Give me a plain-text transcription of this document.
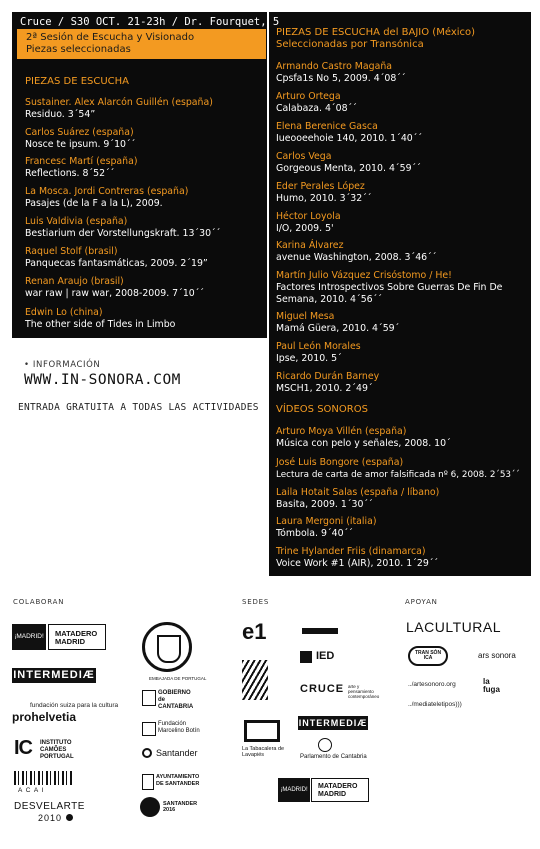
Cruce / S30 OCT. 21-23h / Dr. Fourquet, 5
2ª Sesión de Escucha y Visionado
Piezas seleccionadas
PIEZAS DE ESCUCHA
Sustainer. Alex Alarcón Guillén (españa)
Residuo. 3´54”
Carlos Suárez (españa)
Nosce te ipsum. 9´10´´
Francesc Martí (españa)
Reflections. 8´52´´
La Mosca. Jordi Contreras (españa)
Pasajes (de la F a la L), 2009.
Luis Valdivia (españa)
Bestiarium der Vorstellungskraft. 13´30´´
Raquel Stolf (brasil)
Panquecas fantasmáticas, 2009. 2´19”
Renan Araujo (brasil)
war raw | raw war, 2008-2009. 7´10´´
Edwin Lo (china)
The other side of Tides in Limbo
PIEZAS DE ESCUCHA del BAJIO (México)
Seleccionadas por Transónica
Armando Castro Magaña
Cpsfa1s No 5, 2009. 4´08´´
Arturo Ortega
Calabaza. 4´08´´
Elena Berenice Gasca
Iueooeehoie 140, 2010. 1´40´´
Carlos Vega
Gorgeous Menta, 2010. 4´59´´
Eder Perales López
Humo, 2010. 3´32´´
Héctor Loyola
I/O, 2009. 5'
Karina Álvarez
avenue Washington, 2008. 3´46´´
Martín Julio Vázquez Crisóstomo / He!
Factores Introspectivos Sobre Guerras De Fin De Semana, 2010. 4´56´´
Miguel Mesa
Mamá Güera, 2010. 4´59´
Paul León Morales
Ipse, 2010. 5´
Ricardo Durán Barney
MSCH1, 2010. 2´49´
VÍDEOS SONOROS
Arturo Moya Villén (españa)
Música con pelo y señales, 2008. 10´
José Luis Bongore (españa)
Lectura de carta de amor falsificada nº 6, 2008. 2´53´´
Laila Hotait Salas (españa / líbano)
Basita, 2009. 1´30´´
Laura Mergoni (italia)
Tómbola. 9´40´´
Trine Hylander Friis (dinamarca)
Voice Work #1 (AIR), 2010. 1´29´´
• INFORMACIÓN
WWW.IN-SONORA.COM
ENTRADA GRATUITA A TODAS LAS ACTIVIDADES
COLABORAN	SEDES	APOYAN
¡MADRID!	MATADERO MADRID
INTERMEDIÆ
fundación suiza para la cultura
prohelvetia
IC INSTITUTO CAMÕES PORTUGAL
A C A I
DESVELARTE
2010
EMBAJADA DE PORTUGAL
GOBIERNO de CANTABRIA
Fundación Marcelino Botín
Santander
AYUNTAMIENTO DE SANTANDER
SANTANDER 2016
e1
La Tabacalera de Lavapiés
IED
CRUCE arte y pensamiento contemporáneo
INTERMEDIÆ
Parlamento de Cantabria
¡MADRID!	MATADERO MADRID
LACULTURAL
TRAN SÓN ICA	ars sonora
../artesonoro.org
../mediateletipos)))
la fuga
